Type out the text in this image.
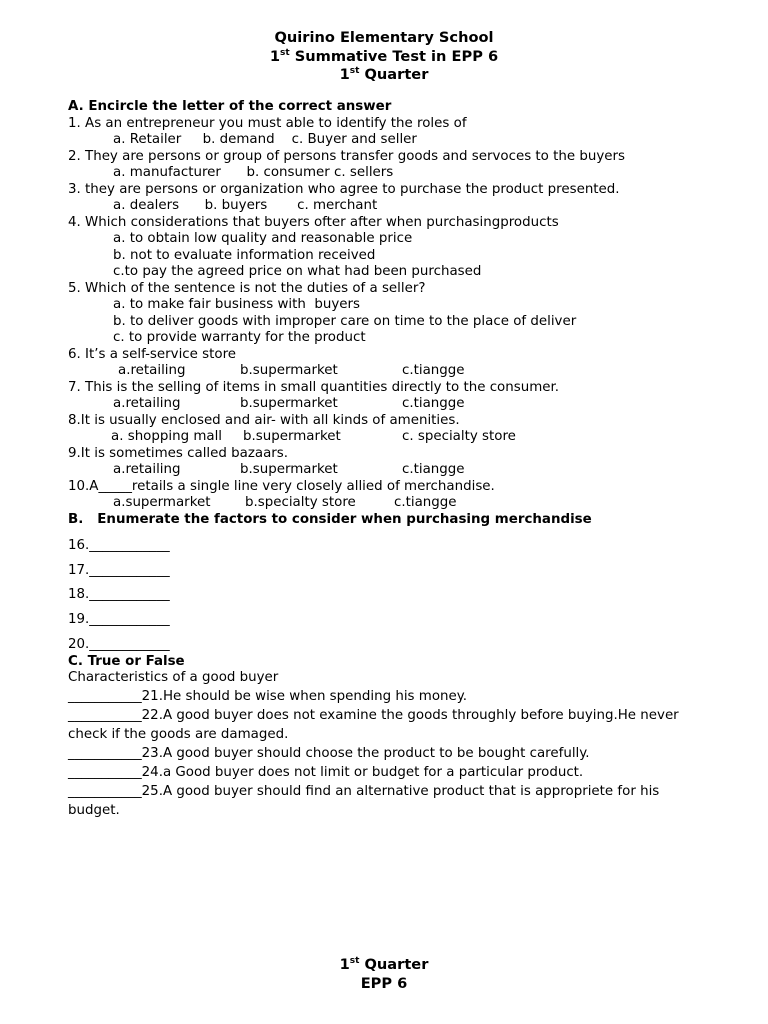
Quirino Elementary School
1st Summative Test in EPP 6
1st Quarter
A. Encircle the letter of the correct answer
1. As an entrepreneur you must able to identify the roles of
a. Retailer     b. demand    c. Buyer and seller
2. They are persons or group of persons transfer goods and servoces to the buyers
a. manufacturer      b. consumer c. sellers
3. they are persons or organization who agree to purchase the product presented.
a. dealers      b. buyers       c. merchant
4. Which considerations that buyers ofter after when purchasingproducts
a. to obtain low quality and reasonable price
b. not to evaluate information received
c.to pay the agreed price on what had been purchased
5. Which of the sentence is not the duties of a seller?
a. to make fair business with  buyers
b. to deliver goods with improper care on time to the place of deliver
c. to provide warranty for the product
6. It’s a self-service store
a.retailing	b.supermarket	c.tiangge
7. This is the selling of items in small quantities directly to the consumer.
a.retailing	b.supermarket	c.tiangge
8.It is usually enclosed and air- with all kinds of amenities.
a. shopping mall b.supermarket	c. specialty store
9.It is sometimes called bazaars.
a.retailing	b.supermarket	c.tiangge
10.A_____retails a single line very closely allied of merchandise.
a.supermarket	b.specialty store	c.tiangge
B.   Enumerate the factors to consider when purchasing merchandise
16.____________
17.____________
18.____________
19.____________
20.____________
C. True or False
Characteristics of a good buyer
___________21.He should be wise when spending his money.
___________22.A good buyer does not examine the goods throughly before buying.He never check if the goods are damaged.
___________23.A good buyer should choose the product to be bought carefully.
___________24.a Good buyer does not limit or budget for a particular product.
___________25.A good buyer should find an alternative product that is appropriete for his budget.
1st Quarter
EPP 6
